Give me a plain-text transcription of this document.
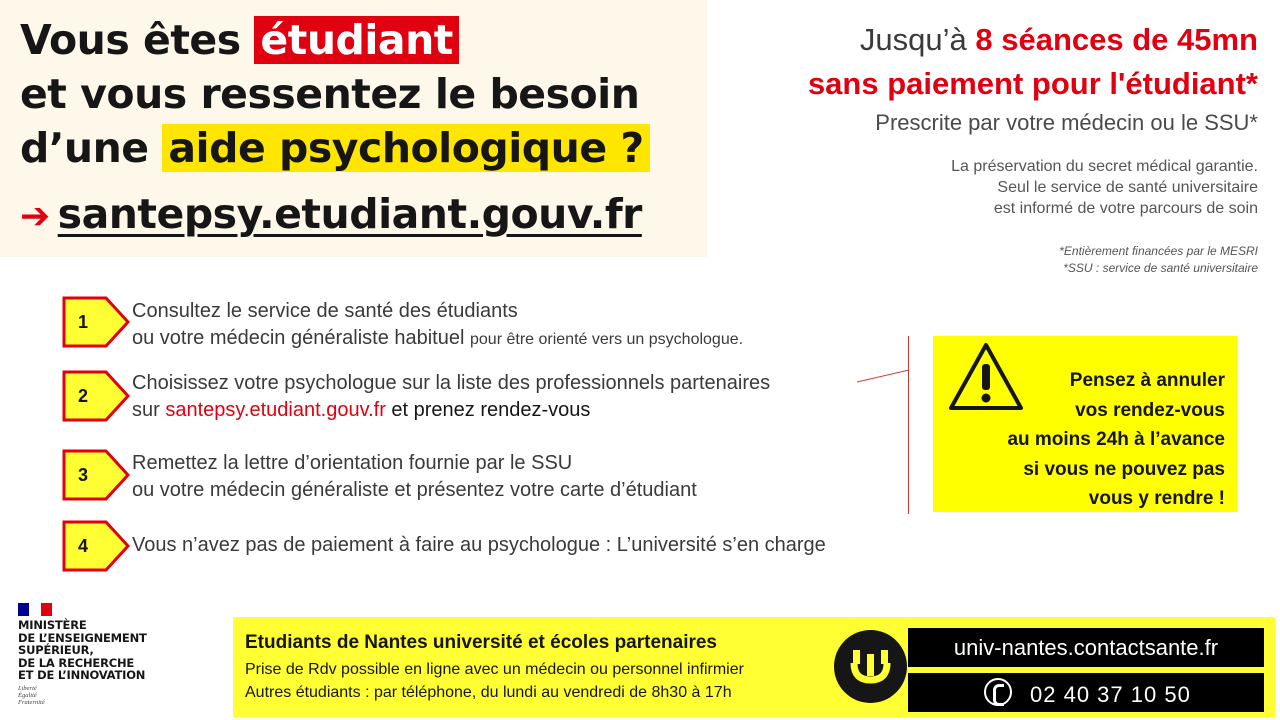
Vous êtes étudiant
et vous ressentez le besoin
d’une aide psychologique ?
➔ santepsy.etudiant.gouv.fr
Jusqu’à 8 séances de 45mn
sans paiement pour l'étudiant*
Prescrite par votre médecin ou le SSU*
La préservation du secret médical garantie.
Seul le service de santé universitaire
est informé de votre parcours de soin
*Entièrement financées par le MESRI
*SSU : service de santé universitaire
1	Consultez le service de santé des étudiants
ou votre médecin généraliste habituel pour être orienté vers un psychologue.
2
Choisissez votre psychologue sur la liste des professionnels partenaires
sur santepsy.etudiant.gouv.fr et prenez rendez-vous
3
Remettez la lettre d’orientation fournie par le SSU
ou votre médecin généraliste et présentez votre carte d’étudiant
4	Vous n’avez pas de paiement à faire au psychologue : L’université s’en charge
Pensez à annuler
vos rendez-vous
au moins 24h à l’avance
si vous ne pouvez pas
vous y rendre !
MINISTÈRE
DE L’ENSEIGNEMENT
SUPÉRIEUR,
DE LA RECHERCHE
ET DE L’INNOVATION
Liberté
Égalité
Fraternité
Etudiants de Nantes université et écoles partenaires
Prise de Rdv possible en ligne avec un médecin ou personnel infirmier
Autres étudiants : par téléphone, du lundi au vendredi de 8h30 à 17h
univ-nantes.contactsante.fr
02 40 37 10 50
